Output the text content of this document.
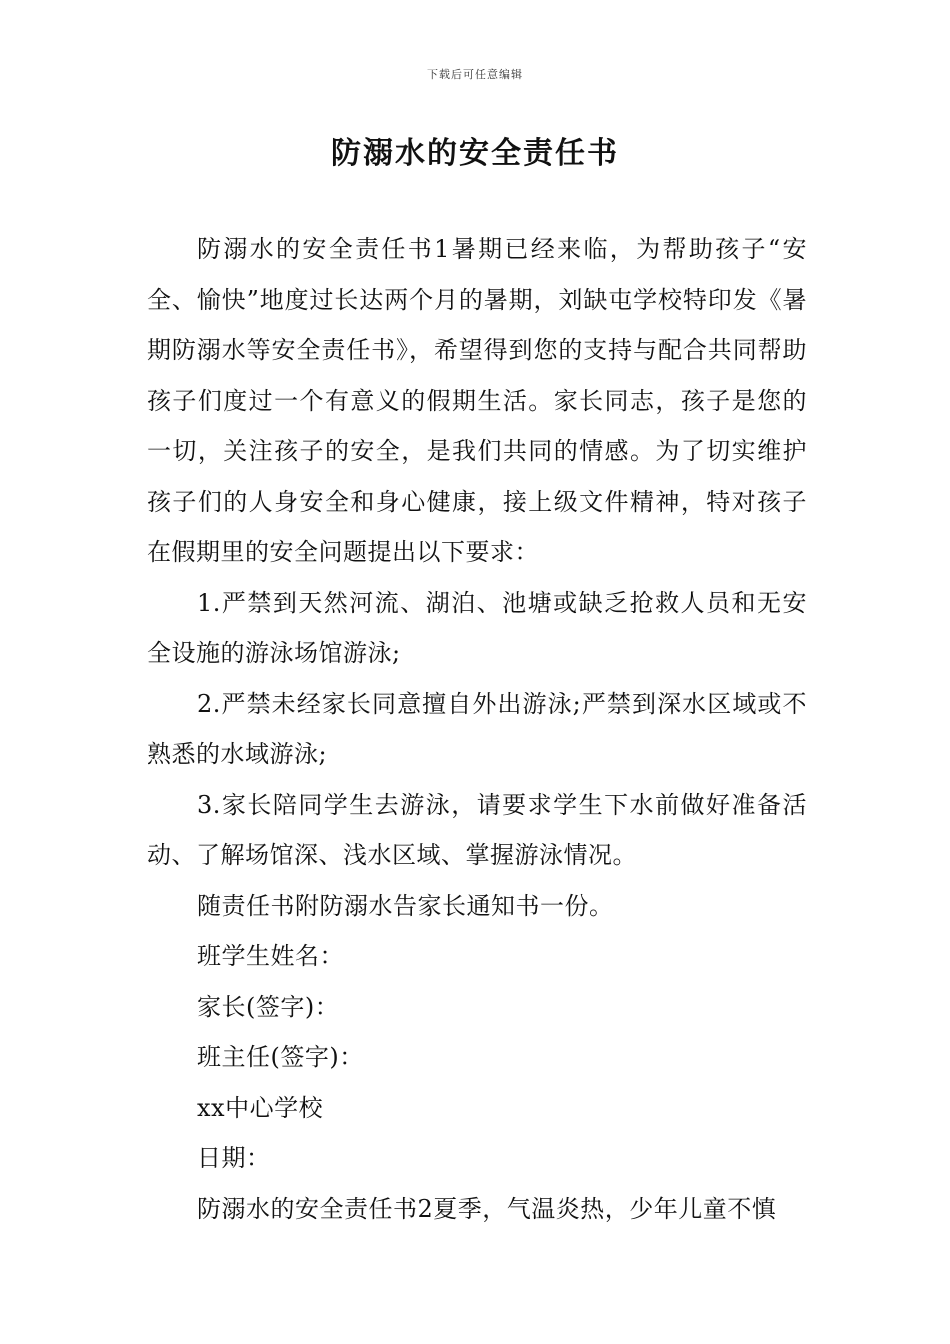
下载后可任意编辑
防溺水的安全责任书

防溺水的安全责任书1暑期已经来临，为帮助孩子“安全、愉快”地度过长达两个月的暑期，刘缺屯学校特印发《暑期防溺水等安全责任书》，希望得到您的支持与配合共同帮助孩子们度过一个有意义的假期生活。家长同志，孩子是您的一切，关注孩子的安全，是我们共同的情感。为了切实维护孩子们的人身安全和身心健康，接上级文件精神，特对孩子在假期里的安全问题提出以下要求：

1.严禁到天然河流、湖泊、池塘或缺乏抢救人员和无安全设施的游泳场馆游泳;

2.严禁未经家长同意擅自外出游泳;严禁到深水区域或不熟悉的水域游泳;

3.家长陪同学生去游泳，请要求学生下水前做好准备活动、了解场馆深、浅水区域、掌握游泳情况。

随责任书附防溺水告家长通知书一份。

班学生姓名：

家长(签字)：

班主任(签字)：

xx中心学校

日期：

防溺水的安全责任书2夏季，气温炎热，少年儿童不慎
